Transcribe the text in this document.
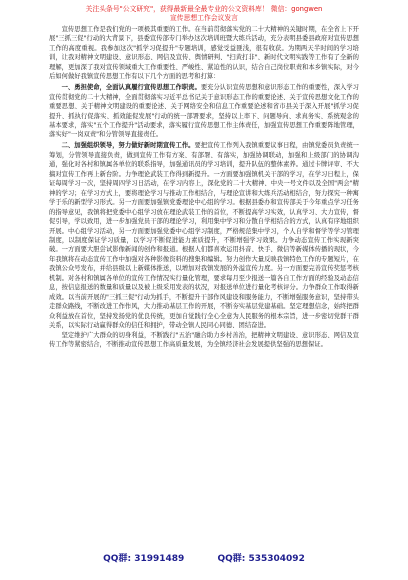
关注头条号"公文研究"，获得最新最全最专业的公文资料库！ 微信：gongwen
宣传思想工作会议发言

宣传思想工作是我们党的一项极其重要的工作。在当前贯彻落实党的二十大精神的关键时期，在全省上下开展"三抓三促"行动的大背景下，县委宣传部专门举办这次培训班暨大练兵活动，充分表明县委县政府对宣传思想工作的高度重视。我参加这次"抓学习促提升"专题培训，感觉受益匪浅，很有收获。为期两天半时间的学习培训，让我对精神文明建设、意识形态、网信及宣传、舆情研判、"扫黄打非"、新时代文明实践等工作有了全新的理解，更加深了我对宣传领域重大工作重要性、严峻性、紧迫性的认识，结合自己岗位职责和本乡镇实际，对今后如何做好我镇宣传思想工作有以下几个方面的思考和打算：

一、勇担使命，全面认真履行宣传思想工作职责。要充分认识宣传思想和意识形态工作的重要性，深入学习宣传贯彻党的二十大精神，全面贯彻落实习近平总书记关于意识形态工作的重要论述、关于宣传思想文化工作的重要思想、关于精神文明建设的重要论述、关于网络安全和信息工作重要论述和省市县关于深入开展"抓学习促提升、抓执行促落实、抓效能促发展"行动的统一部署要求，坚持以上率下、问题导向、求真务实、系统观念的基本要求，落实"五个工作提升"活动要求，落实履行宣传思想工作主体责任，加强宣传思想工作重要阵地管理，落实好"一岗双责"和分管领导直接责任。

二、加强组织领导，努力做好新时期宣传工作。要把宣传工作列入我镇重要议事日程，由镇党委员负责统一筹划，分管领导直接负责，做到宣传工作有方案、有部署、有落实，加强协调联动，加强和上级部门的协调沟通，强化对各村和镇属各单位的联系指导，加强通讯员的学习培训，提升队伍的整体素养。通过卡牌评审、不大搞对宣传工作再上新台阶。力争理论武装工作得到新提升。一方面要加强镇机关干部的学习，在学习日程上，保证每周学习一次，坚持周四学习日活动，在学习内容上，深化党的二十大精神、中央一号文件以及全国"两会"精神的学习；在学习方式上，要将理论学习与推动工作相结合，与理论宣讲和大练兵活动相结合，努力探究一种寓学于乐的新型学习形式。另一方面要加强镇党委理论中心组的学习。根据县委办和宣传部关于今年重点学习任务的指导意见，我镇将把党委中心组学习放在理论武装工作的首位，不断提高学习实效，认真学习、大力宣传，督促引导，学以致用，进一步加强党员干部的理论学习，利用集中学习和分散自学相结合的方式，认真有序地组织开展。中心组学习活动，另一方面要加强党委中心组学习制度，严格规范集中学习，个人自学和督学等学习管理制度，以制度保证学习质量，以学习不断促进能力素质提升，不断增强学习效果。力争动态宣传工作实现新突破。一方面要大胆尝试影像新闻的创作和报道。根据人们都喜欢运用抖音、快手、微信等新媒体传播的现状，今年我镇将在动态宣传工作中加强对各种影像资料的搜集和编辑。努力创作大量反映我镇特色工作的专题短片，在我镇公众号发布，并给县级以上新媒体推送，以增加对我镇发展的外溢宣传力度。另一方面要完善宣传奖惩考核机制。对各村和镇属各单位的宣传工作情况实行量化管理，要求每月至少报送一篇各自工作方面的经验及动态信息，按信息报送的数量和质量以及被上级采用发表的状况，对报送单位进行量化考核评分。力争群众工作取得新成效。以当前开展的"三抓三促"行动为抓手，不断提升干部作风建设和服务能力，不断增强服务意识，坚持带头走群众路线，不断改进工作作风，大力推动基层工作的开展，不断夯实基层党建基础。坚定理想信念，始终把群众利益放在首位，坚持发扬党的优良传统，更加自觉践行全心全意为人民服务的根本宗旨，进一步密切党群干群关系，以实际行动赢得群众的信任和拥护，带动全镇人民同心同德、团结奋进。

坚定维护广大群众的切身利益，不断践行"五治"融合助力乡村善治，把精神文明建设、意识形态、网信及宣传工作等紧密结合，不断推动宣传思想工作高质量发展，为全镇经济社会发展提供坚强的思想保证。

QQ群: 31991489	QQ群: 535304092
